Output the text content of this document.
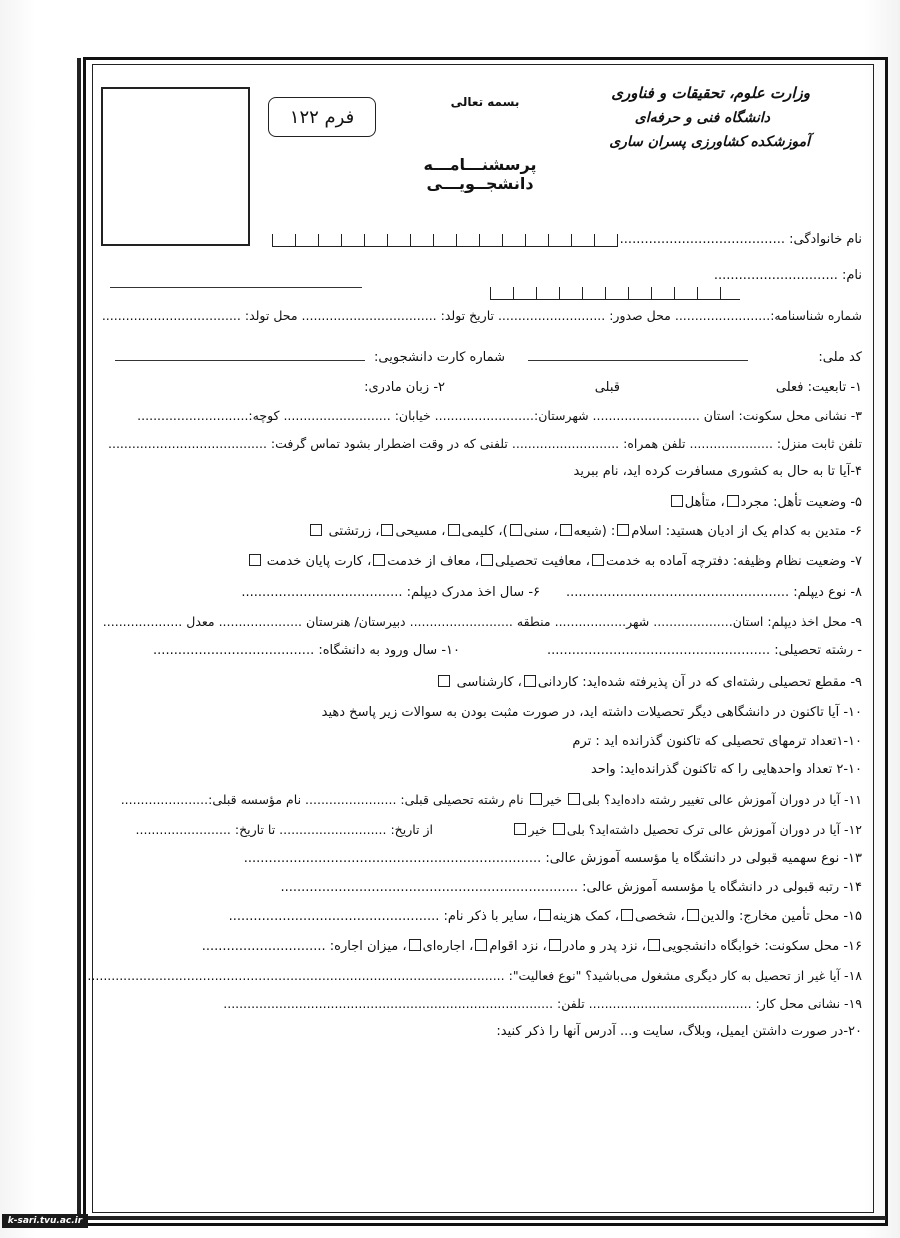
فرم ۱۲۲
بسمه تعالی
پرسشنـــامـــه دانشجــویـــی
وزارت علوم، تحقیقات و فناوری
دانشگاه فنی و حرفه‌ای
آموزشکده کشاورزی پسران ساری
نام خانوادگی: ........................................
نام: ..............................
شماره شناسنامه:........................ محل صدور: ........................... تاریخ تولد: .................................. محل تولد: ...................................
کد ملی:
شماره کارت دانشجویی:
۱- تابعیت: فعلی
قبلی
۲- زبان مادری:
۳- نشانی محل سکونت: استان ........................... شهرستان:......................... خیابان: ........................... کوچه:............................
تلفن ثابت منزل: ..................... تلفن همراه: ........................... تلفنی که در وقت اضطرار بشود تماس گرفت: ........................................
۴-آیا تا به حال به کشوری مسافرت کرده اید، نام ببرید
۵- وضعیت تأهل: مجرد، متأهل
۶- متدین به کدام یک از ادیان هستید: اسلام: (شیعه، سنی)، کلیمی، مسیحی، زرتشتی
۷- وضعیت نظام وظیفه: دفترچه آماده به خدمت، معافیت تحصیلی، معاف از خدمت، کارت پایان خدمت
۸- نوع دیپلم: ......................................................
۶- سال اخذ مدرک دیپلم: .......................................
۹- محل اخذ دیپلم: استان.................... شهر.................. منطقه .......................... دبیرستان/ هنرستان ..................... معدل ....................
- رشته تحصیلی: ......................................................
۱۰- سال ورود به دانشگاه: .......................................
۹- مقطع تحصیلی رشته‌ای که در آن پذیرفته شده‌اید: کاردانی، کارشناسی
۱۰- آیا تاکنون در دانشگاهی دیگر تحصیلات داشته اید، در صورت مثبت بودن به سوالات زیر پاسخ دهید
۱-۱۰تعداد ترمهای تحصیلی که تاکنون گذرانده اید : ترم
۲-۱۰ تعداد واحدهایی را که تاکنون گذرانده‌اید: واحد
۱۱- آیا در دوران آموزش عالی تغییر رشته داده‌اید؟ بلی خیر نام رشته تحصیلی قبلی: ....................... نام مؤسسه قبلی:......................
۱۲- آیا در دوران آموزش عالی ترک تحصیل داشته‌اید؟ بلی خیر                    از تاریخ: ........................... تا تاریخ: ........................
۱۳- نوع سهمیه قبولی در دانشگاه یا مؤسسه آموزش عالی: ........................................................................
۱۴- رتبه قبولی در دانشگاه یا مؤسسه آموزش عالی: ........................................................................
۱۵- محل تأمین مخارج: والدین، شخصی، کمک هزینه، سایر با ذکر نام: ...................................................
۱۶- محل سکونت: خوابگاه دانشجویی، نزد پدر و مادر، نزد اقوام، اجاره‌ای، میزان اجاره: ..............................
۱۸- آیا غیر از تحصیل به کار دیگری مشغول می‌باشید؟ "نوع فعالیت": .........................................................................................................
۱۹- نشانی محل کار: ......................................... تلفن: ...................................................................................
۲۰-در صورت داشتن ایمیل، وبلاگ، سایت و... آدرس آنها را ذکر کنید:
k-sari.tvu.ac.ir
